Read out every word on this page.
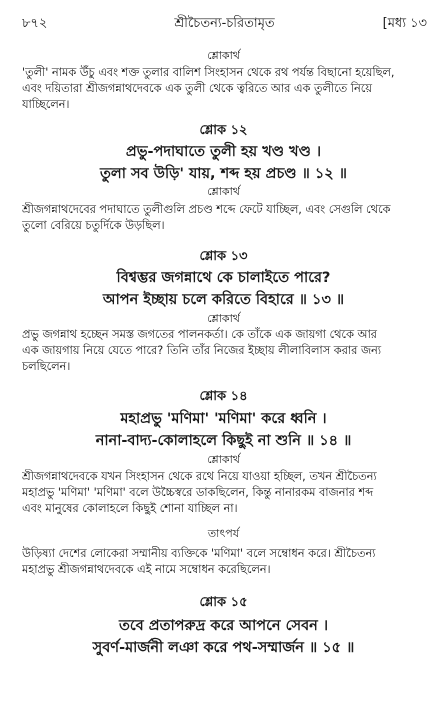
শ্রীচৈতন্য-চরিতামৃত
৮৭২	[মধ্য ১৩
শ্লোকার্থ
'তুলী' নামক উঁচু এবং শক্ত তুলার বালিশ সিংহাসন থেকে রথ পর্যন্ত বিছানো হয়েছিল,
এবং দয়িতারা শ্রীজগন্নাথদেবকে এক তুলী থেকে ত্বরিতে আর এক তুলীতে নিয়ে
যাচ্ছিলেন।
শ্লোক ১২
প্রভু-পদাঘাতে তুলী হয় খণ্ড খণ্ড ।
তুলা সব উড়ি' যায়, শব্দ হয় প্রচণ্ড ॥ ১২ ॥
শ্লোকার্থ
শ্রীজগন্নাথদেবের পদাঘাতে তুলীগুলি প্রচণ্ড শব্দে ফেটে যাচ্ছিল, এবং সেগুলি থেকে
তুলো বেরিয়ে চতুর্দিকে উড়ছিল।
শ্লোক ১৩
বিশ্বম্ভর জগন্নাথে কে চালাইতে পারে?
আপন ইচ্ছায় চলে করিতে বিহারে ॥ ১৩ ॥
শ্লোকার্থ
প্রভু জগন্নাথ হচ্ছেন সমস্ত জগতের পালনকর্তা। কে তাঁকে এক জায়গা থেকে আর
এক জায়গায় নিয়ে যেতে পারে? তিনি তাঁর নিজের ইচ্ছায় লীলাবিলাস করার জন্য
চলছিলেন।
শ্লোক ১৪
মহাপ্রভু 'মণিমা' 'মণিমা' করে ধ্বনি ।
নানা-বাদ্য-কোলাহলে কিছুই না শুনি ॥ ১৪ ॥
শ্লোকার্থ
শ্রীজগন্নাথদেবকে যখন সিংহাসন থেকে রথে নিয়ে যাওয়া হচ্ছিল, তখন শ্রীচৈতন্য
মহাপ্রভু 'মণিমা' 'মণিমা' বলে উচ্চৈস্বরে ডাকছিলেন, কিন্তু নানারকম বাজনার শব্দ
এবং মানুষের কোলাহলে কিছুই শোনা যাচ্ছিল না।
তাৎপর্য
উড়িষ্যা দেশের লোকেরা সম্মানীয় ব্যক্তিকে 'মণিমা' বলে সম্বোধন করে। শ্রীচৈতন্য
মহাপ্রভু শ্রীজগন্নাথদেবকে এই নামে সম্বোধন করেছিলেন।
শ্লোক ১৫
তবে প্রতাপরুদ্র করে আপনে সেবন ।
সুবর্ণ-মার্জনী লঞা করে পথ-সম্মার্জন ॥ ১৫ ॥
